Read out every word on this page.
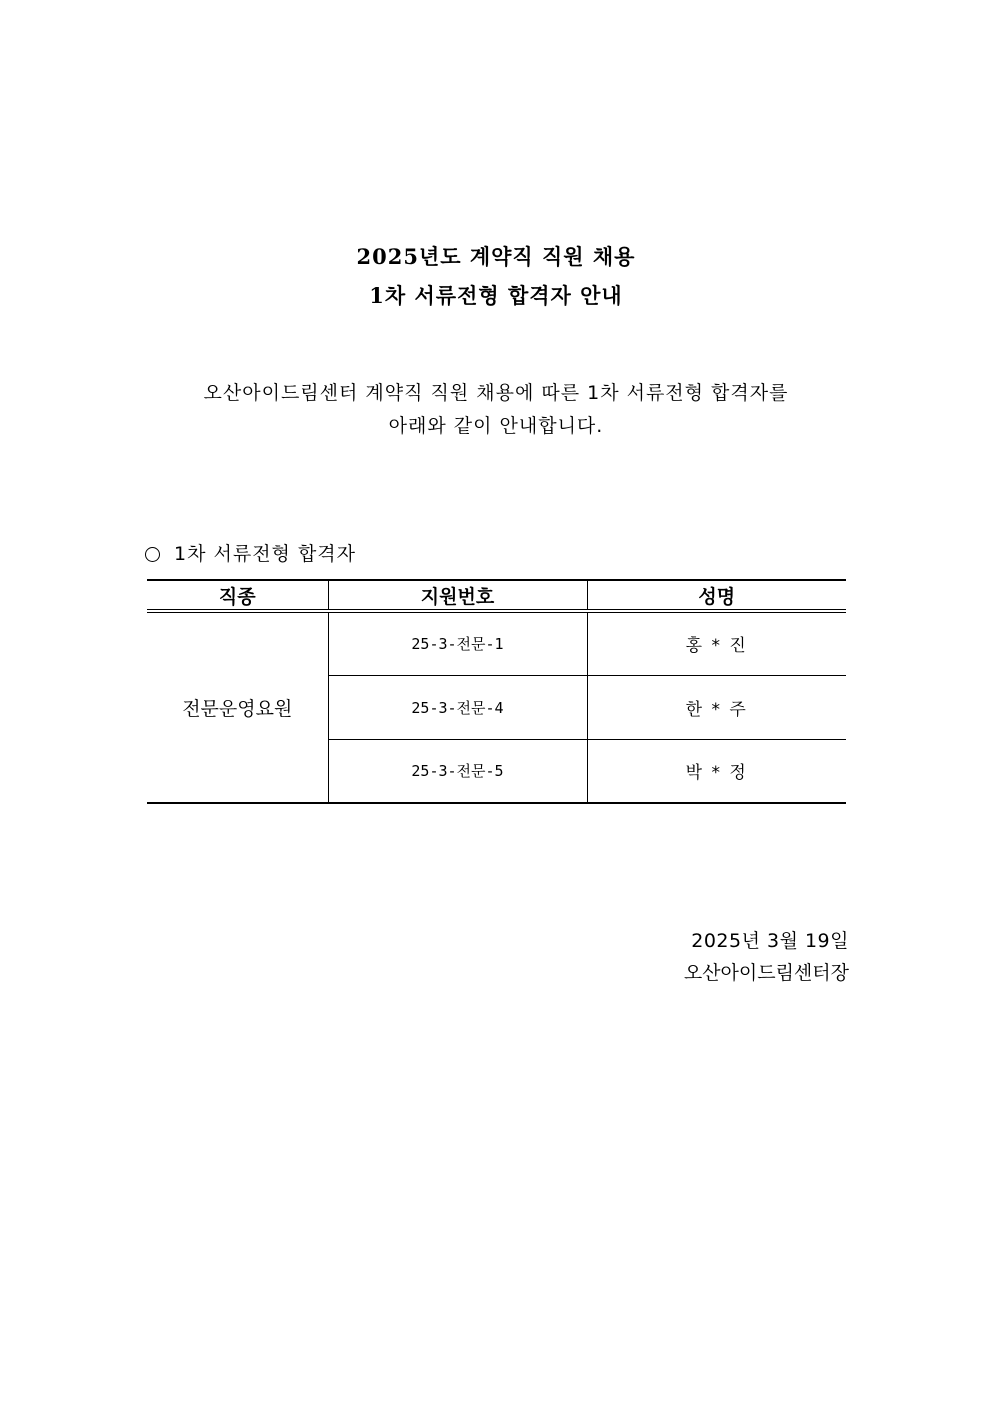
2025년도 계약직 직원 채용
1차 서류전형 합격자 안내
오산아이드림센터 계약직 직원 채용에 따른 1차 서류전형 합격자를
아래와 같이 안내합니다.
1차 서류전형 합격자
직종	지원번호	성명
전문운영요원	25-3-전문-1	홍 * 진
	25-3-전문-4	한 * 주
	25-3-전문-5	박 * 정
2025년 3월 19일
오산아이드림센터장
